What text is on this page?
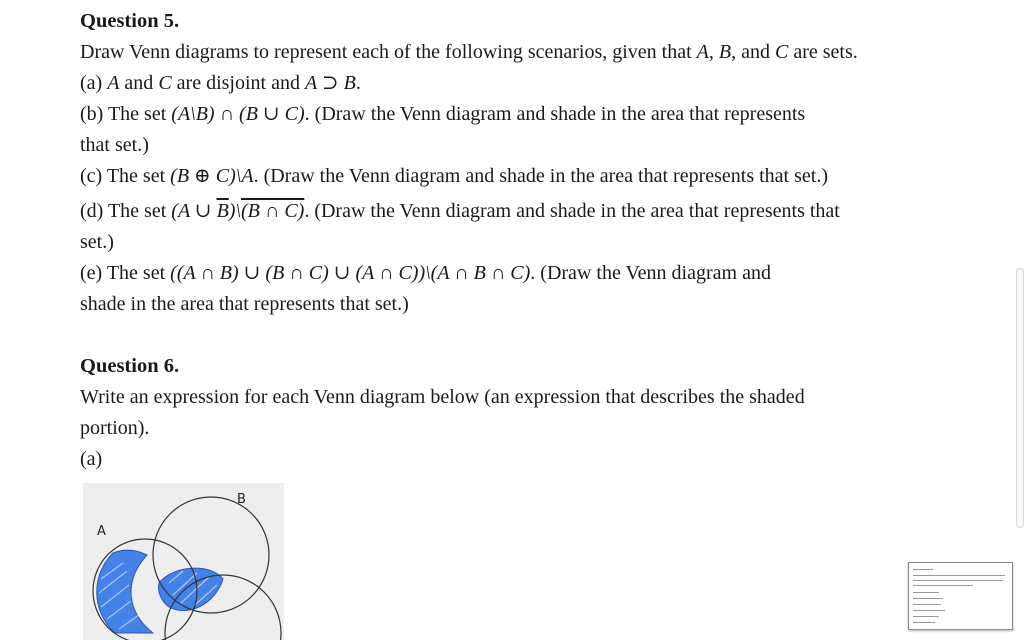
Question 5.
Draw Venn diagrams to represent each of the following scenarios, given that A, B, and C are sets.
(a) A and C are disjoint and A ⊃ B.
(b) The set (A\B) ∩ (B ∪ C). (Draw the Venn diagram and shade in the area that represents
that set.)
(c) The set (B ⊕ C)\A. (Draw the Venn diagram and shade in the area that represents that set.)
(d) The set (A ∪ $\overline{B})\backslash(B$ ∩ C). (Draw the Venn diagram and shade in the area that represents that
set.)
(e) The set ((A ∩ B) ∪ (B ∩ C) ∪ (A ∩ C))\(A ∩ B ∩ C). (Draw the Venn diagram and
shade in the area that represents that set.)
Question 6.
Write an expression for each Venn diagram below (an expression that describes the shaded
portion).
(a)
A
B
